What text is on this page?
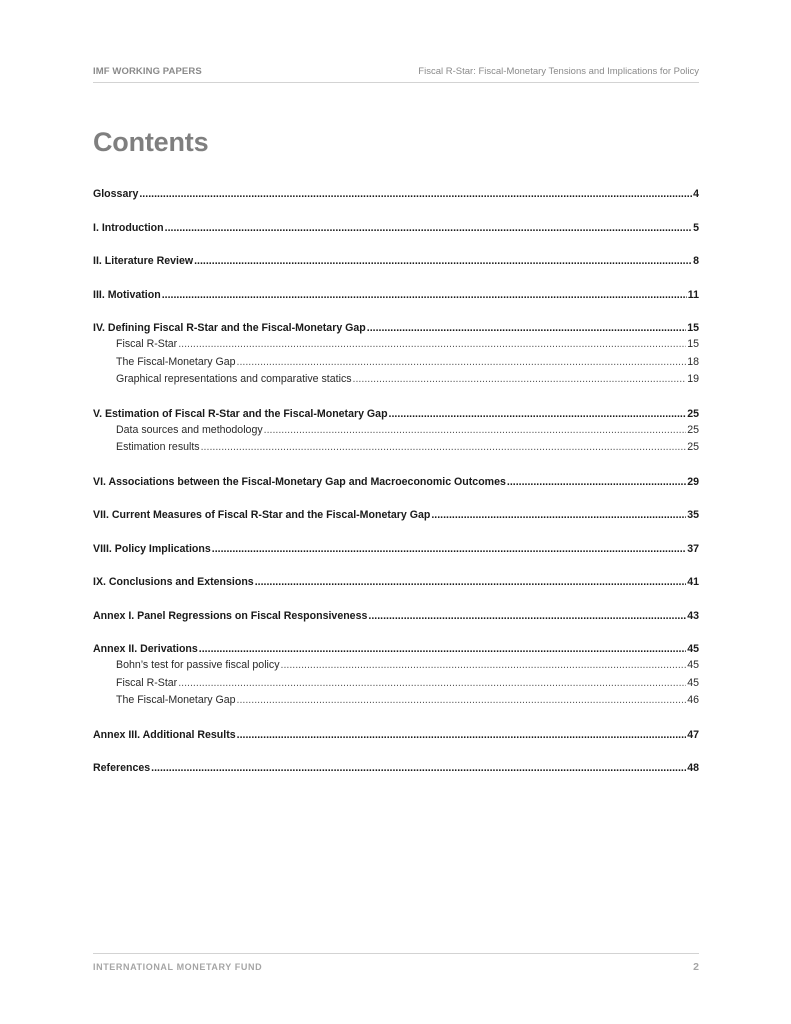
IMF WORKING PAPERS	Fiscal R-Star: Fiscal-Monetary Tensions and Implications for Policy
Contents
Glossary .....	4
I. Introduction .....	5
II. Literature Review .....	8
III. Motivation .....	11
IV. Defining Fiscal R-Star and the Fiscal-Monetary Gap .....	15
Fiscal R-Star .....	15
The Fiscal-Monetary Gap .....	18
Graphical representations and comparative statics .....	19
V. Estimation of Fiscal R-Star and the Fiscal-Monetary Gap .....	25
Data sources and methodology .....	25
Estimation results .....	25
VI. Associations between the Fiscal-Monetary Gap and Macroeconomic Outcomes .....	29
VII. Current Measures of Fiscal R-Star and the Fiscal-Monetary Gap .....	35
VIII. Policy Implications .....	37
IX. Conclusions and Extensions .....	41
Annex I. Panel Regressions on Fiscal Responsiveness .....	43
Annex II. Derivations .....	45
Bohn’s test for passive fiscal policy .....	45
Fiscal R-Star .....	45
The Fiscal-Monetary Gap .....	46
Annex III. Additional Results .....	47
References .....	48
INTERNATIONAL MONETARY FUND	2
